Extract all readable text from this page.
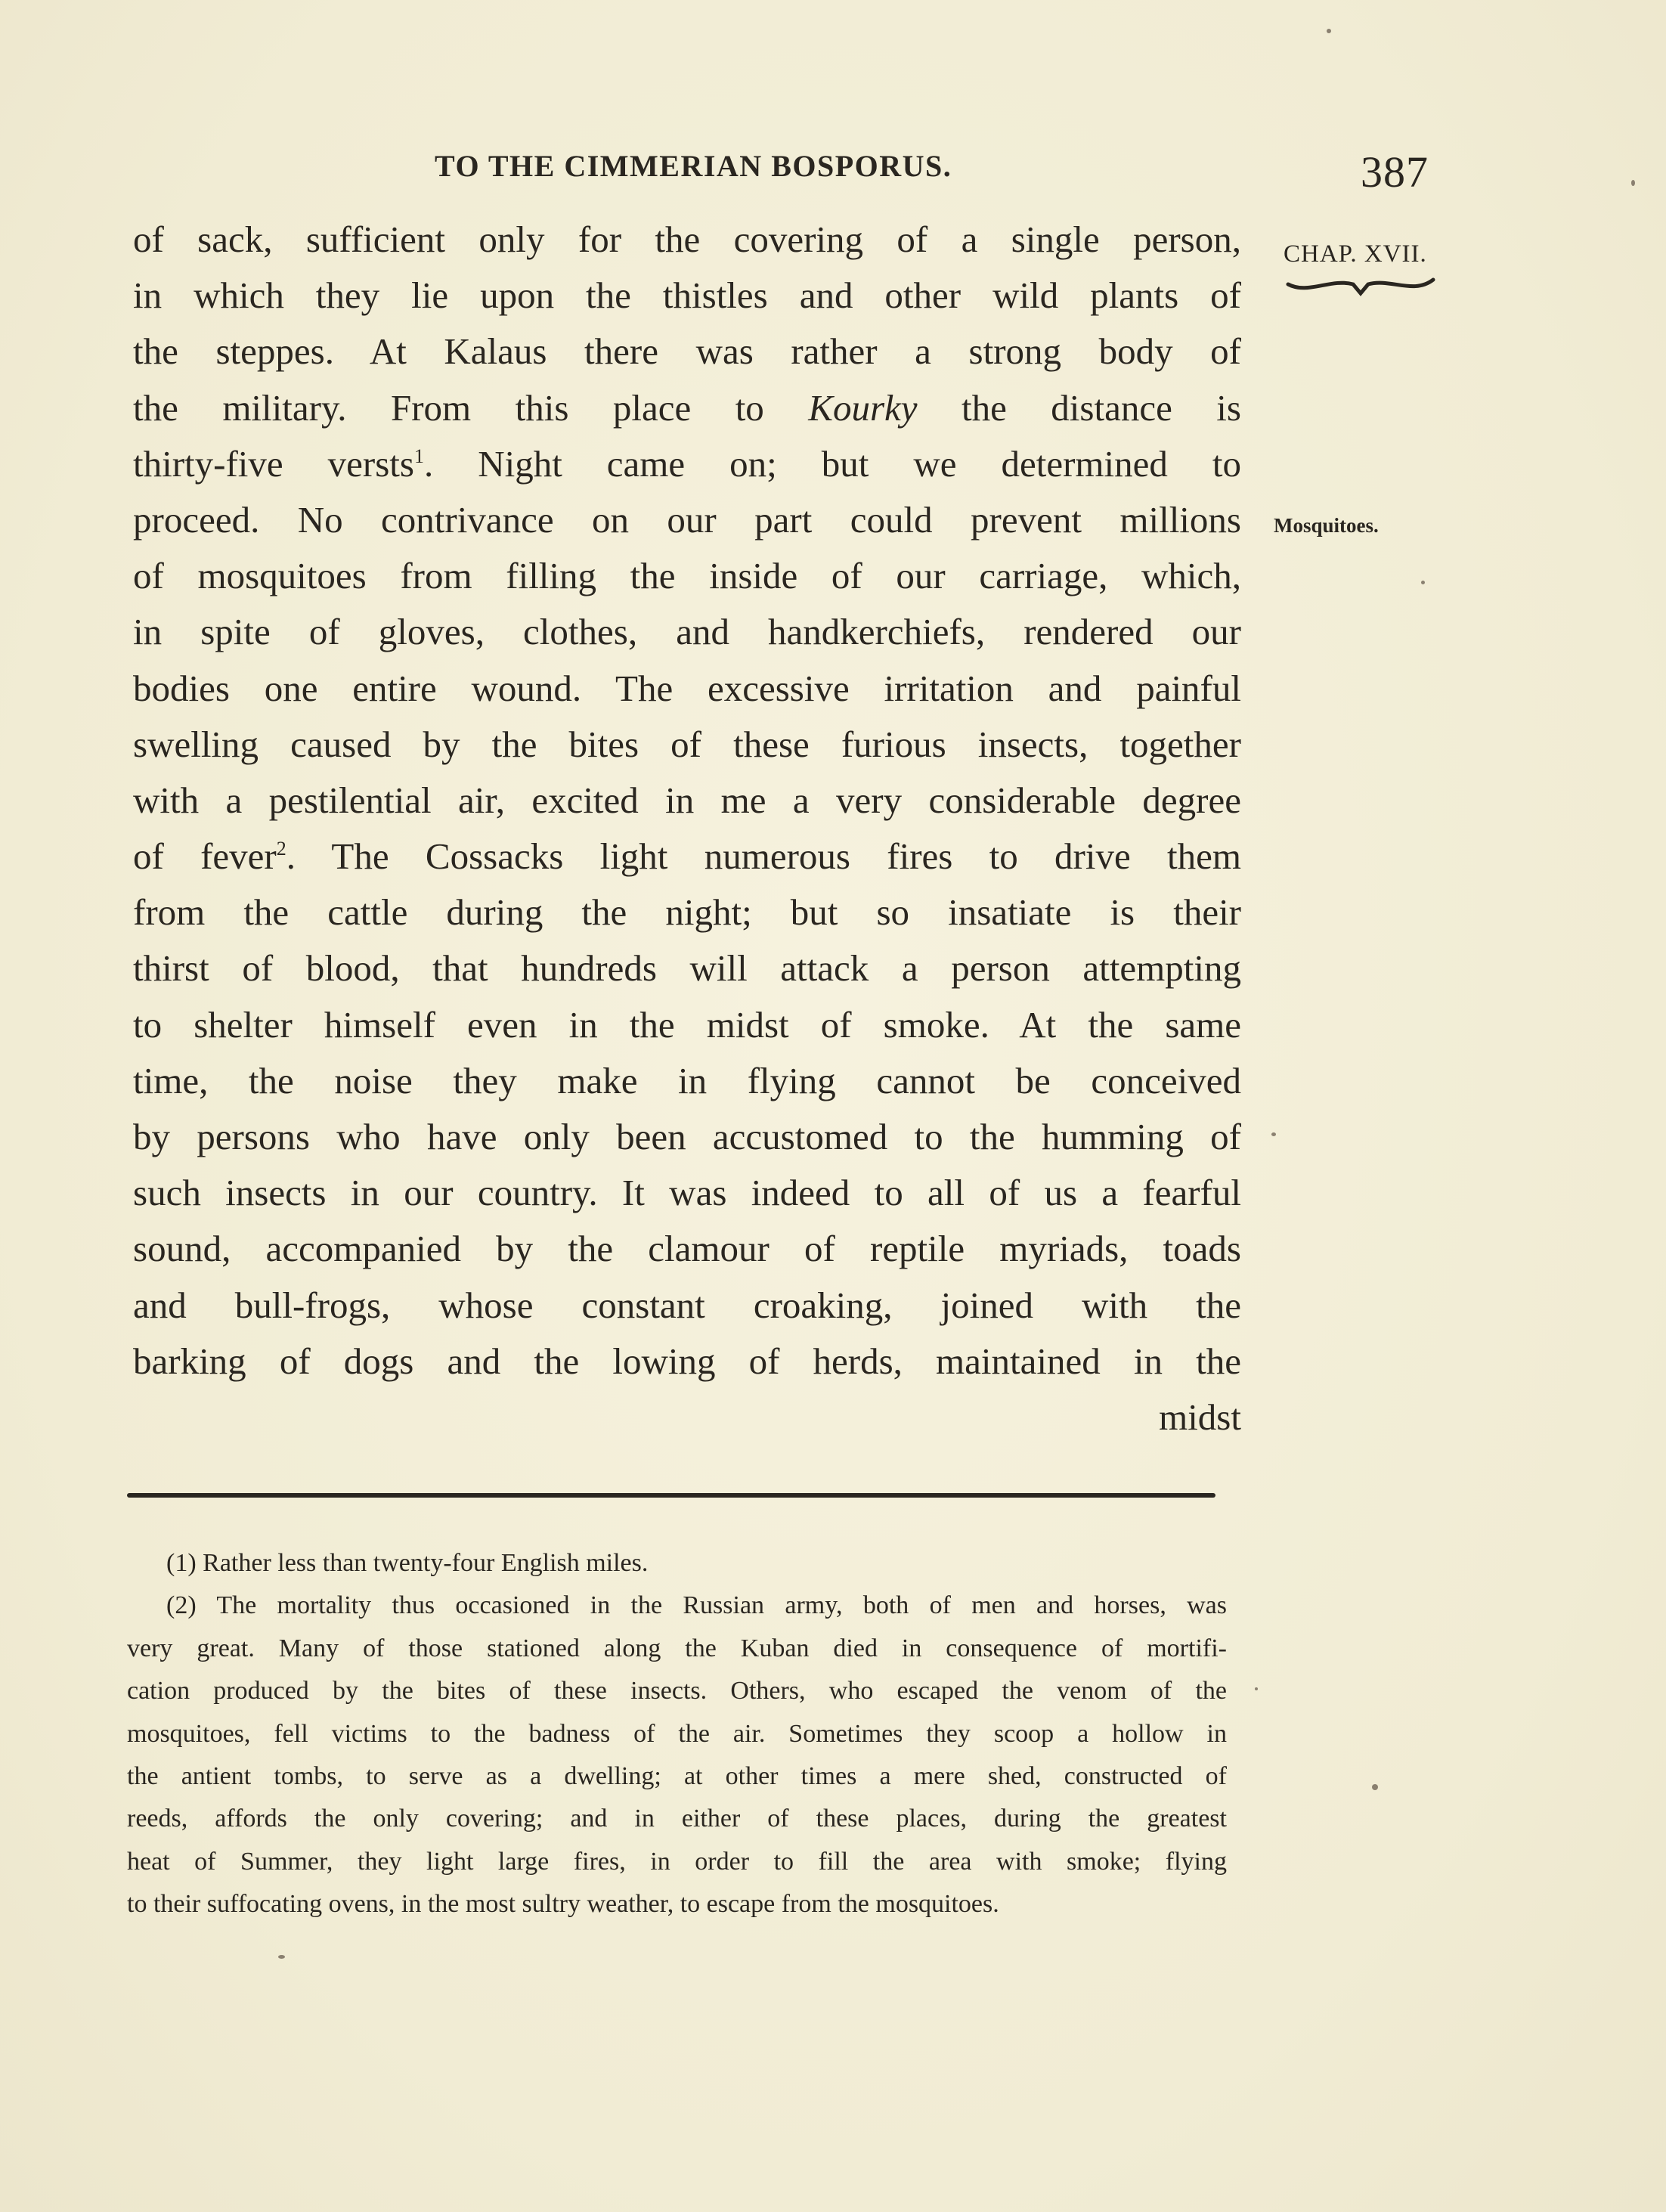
TO THE CIMMERIAN BOSPORUS.	387
CHAP. XVII.
Mosquitoes.
of sack, sufficient only for the covering of a single person,
in which they lie upon the thistles and other wild plants of
the steppes. At Kalaus there was rather a strong body of
the military. From this place to Kourky the distance is
thirty-five versts$^1$. Night came on; but we determined to
proceed. No contrivance on our part could prevent millions
of mosquitoes from filling the inside of our carriage, which,
in spite of gloves, clothes, and handkerchiefs, rendered our
bodies one entire wound. The excessive irritation and painful
swelling caused by the bites of these furious insects, together
with a pestilential air, excited in me a very considerable degree
of fever$^2$. The Cossacks light numerous fires to drive them
from the cattle during the night; but so insatiate is their
thirst of blood, that hundreds will attack a person attempting
to shelter himself even in the midst of smoke. At the same
time, the noise they make in flying cannot be conceived
by persons who have only been accustomed to the humming of
such insects in our country. It was indeed to all of us a fearful
sound, accompanied by the clamour of reptile myriads, toads
and bull-frogs, whose constant croaking, joined with the
barking of dogs and the lowing of herds, maintained in the
midst
(1) Rather less than twenty-four English miles.
(2) The mortality thus occasioned in the Russian army, both of men and horses, was
very great. Many of those stationed along the Kuban died in consequence of mortifi-
cation produced by the bites of these insects. Others, who escaped the venom of the
mosquitoes, fell victims to the badness of the air. Sometimes they scoop a hollow in
the antient tombs, to serve as a dwelling; at other times a mere shed, constructed of
reeds, affords the only covering; and in either of these places, during the greatest
heat of Summer, they light large fires, in order to fill the area with smoke; flying
to their suffocating ovens, in the most sultry weather, to escape from the mosquitoes.
